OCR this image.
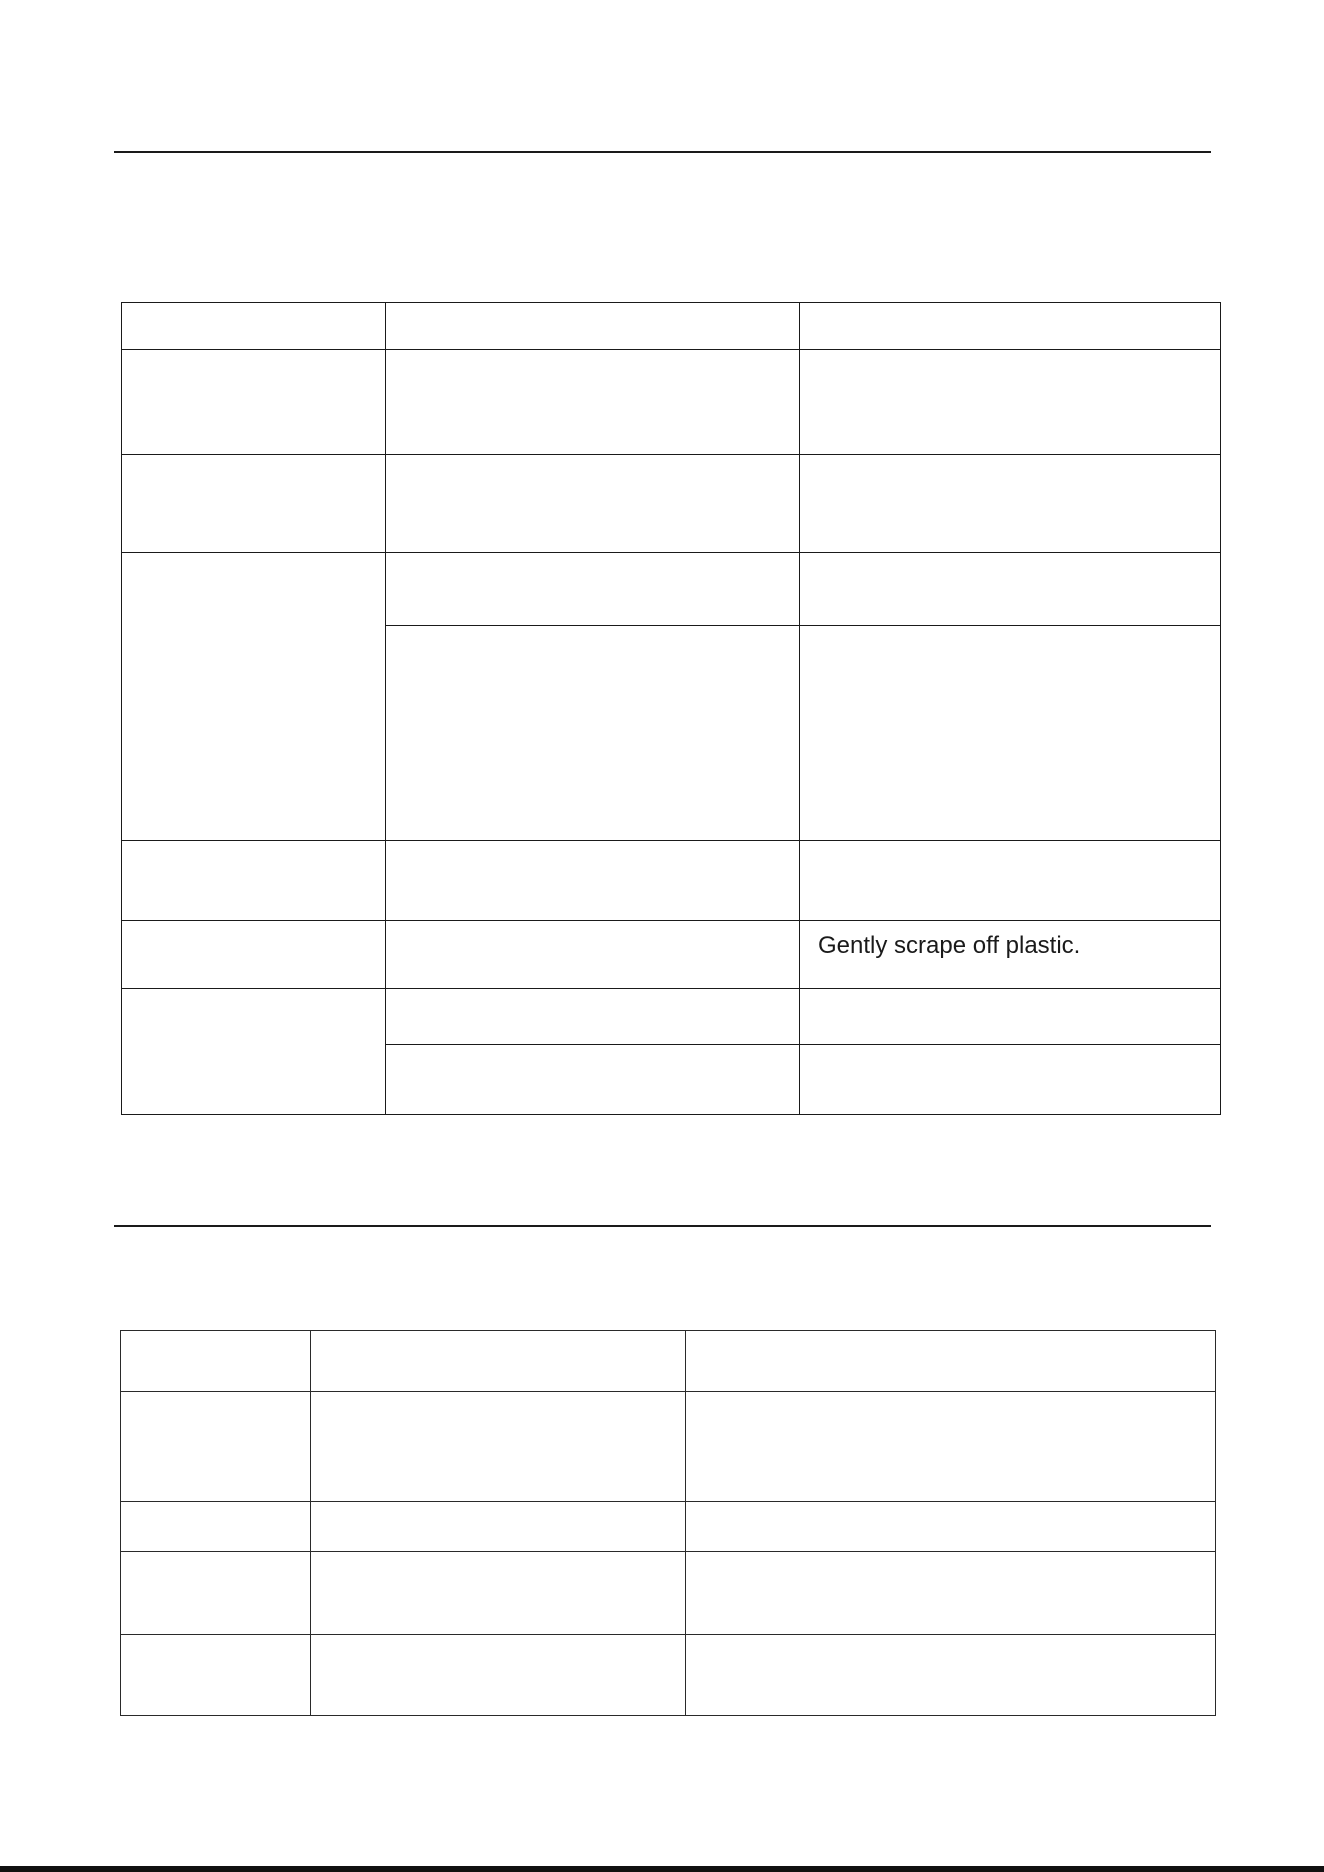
Gently scrape off plastic.
